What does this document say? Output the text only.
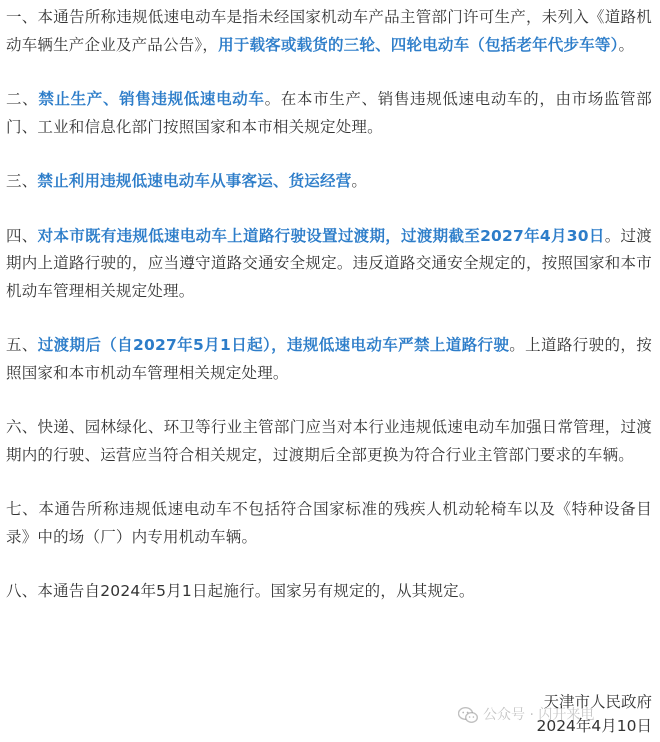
一、本通告所称违规低速电动车是指未经国家机动车产品主管部门许可生产，未列入《道路机动车辆生产企业及产品公告》，用于载客或载货的三轮、四轮电动车（包括老年代步车等）。

二、禁止生产、销售违规低速电动车。在本市生产、销售违规低速电动车的，由市场监管部门、工业和信息化部门按照国家和本市相关规定处理。

三、禁止利用违规低速电动车从事客运、货运经营。

四、对本市既有违规低速电动车上道路行驶设置过渡期，过渡期截至2027年4月30日。过渡期内上道路行驶的，应当遵守道路交通安全规定。违反道路交通安全规定的，按照国家和本市机动车管理相关规定处理。

五、过渡期后（自2027年5月1日起），违规低速电动车严禁上道路行驶。上道路行驶的，按照国家和本市机动车管理相关规定处理。

六、快递、园林绿化、环卫等行业主管部门应当对本行业违规低速电动车加强日常管理，过渡期内的行驶、运营应当符合相关规定，过渡期后全部更换为符合行业主管部门要求的车辆。

七、本通告所称违规低速电动车不包括符合国家标准的残疾人机动轮椅车以及《特种设备目录》中的场（厂）内专用机动车辆。

八、本通告自2024年5月1日起施行。国家另有规定的，从其规定。

天津市人民政府
2024年4月10日
公众号 · 闪开来电
